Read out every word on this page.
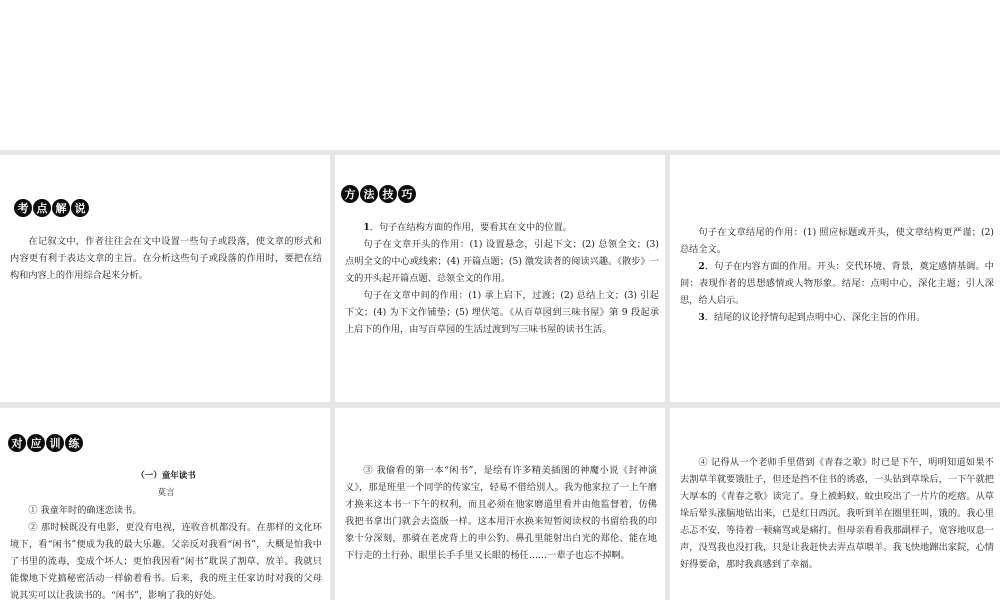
考 点 解 说

在记叙文中，作者往往会在文中设置一些句子或段落，使文章的形式和内容更有利于表达文章的主旨。在分析这些句子或段落的作用时，要把在结构和内容上的作用综合起来分析。

方 法 技 巧

1．句子在结构方面的作用，要看其在文中的位置。

句子在文章开头的作用：(1) 设置悬念，引起下文；(2) 总领全文；(3) 点明全文的中心或线索；(4) 开篇点题；(5) 激发读者的阅读兴趣。《散步》一文的开头起开篇点题、总领全文的作用。

句子在文章中间的作用：(1) 承上启下，过渡；(2) 总结上文；(3) 引起下文；(4) 为下文作铺垫；(5) 埋伏笔。《从百草园到三味书屋》第 9 段起承上启下的作用，由写百草园的生活过渡到写三味书屋的读书生活。

句子在文章结尾的作用：(1) 照应标题或开头，使文章结构更严谨；(2) 总结全文。

2．句子在内容方面的作用。开头：交代环境、背景，奠定感情基调。中间：表现作者的思想感情或人物形象。结尾：点明中心，深化主题；引人深思，给人启示。

3．结尾的议论抒情句起到点明中心、深化主旨的作用。

对 应 训 练

（一）童年读书

莫言

① 我童年时的确迷恋读书。

② 那时候既没有电影，更没有电视，连收音机都没有。在那样的文化环境下，看“闲书”便成为我的最大乐趣。父亲反对我看“闲书”，大概是怕我中了书里的流毒，变成个坏人；更怕我因看“闲书”耽误了割草、放羊。我就只能像地下党搞秘密活动一样偷着看书。后来，我的班主任家访时对我的父母说其实可以让我读书的。“闲书”，影响了我的好处。

③ 我偷看的第一本“闲书”，是绘有许多精美插图的神魔小说《封神演义》，那是班里一个同学的传家宝，轻易不借给别人。我为他家拉了一上午磨才换来这本书一下午的权利，而且必须在他家磨道里看并由他监督着，仿佛我把书拿出门就会去盗版一样。这本用汗水换来短暂阅读权的书留给我的印象十分深刻，那骑在老虎背上的申公豹、鼻孔里能射出白光的郑伦、能在地下行走的土行孙、眼里长手手里又长眼的杨任……一辈子也忘不掉啊。

④ 记得从一个老师手里借到《青春之歌》时已是下午，明明知道如果不去割草羊就要饿肚子，但还是挡不住书的诱惑，一头钻到草垛后，一下午就把大厚本的《青春之歌》读完了。身上被蚂蚁、蚊虫咬出了一片片的疙瘩。从草垛后晕头涨脑地钻出来，已是红日西沉。我听到羊在圈里狂叫，饿的。我心里忐忑不安，等待着一顿痛骂或是痛打。但母亲看看我那副样子，宽容地叹息一声，没骂我也没打我，只是让我赶快去弄点草喂羊。我飞快地蹿出家院，心情好得要命，那时我真感到了幸福。
